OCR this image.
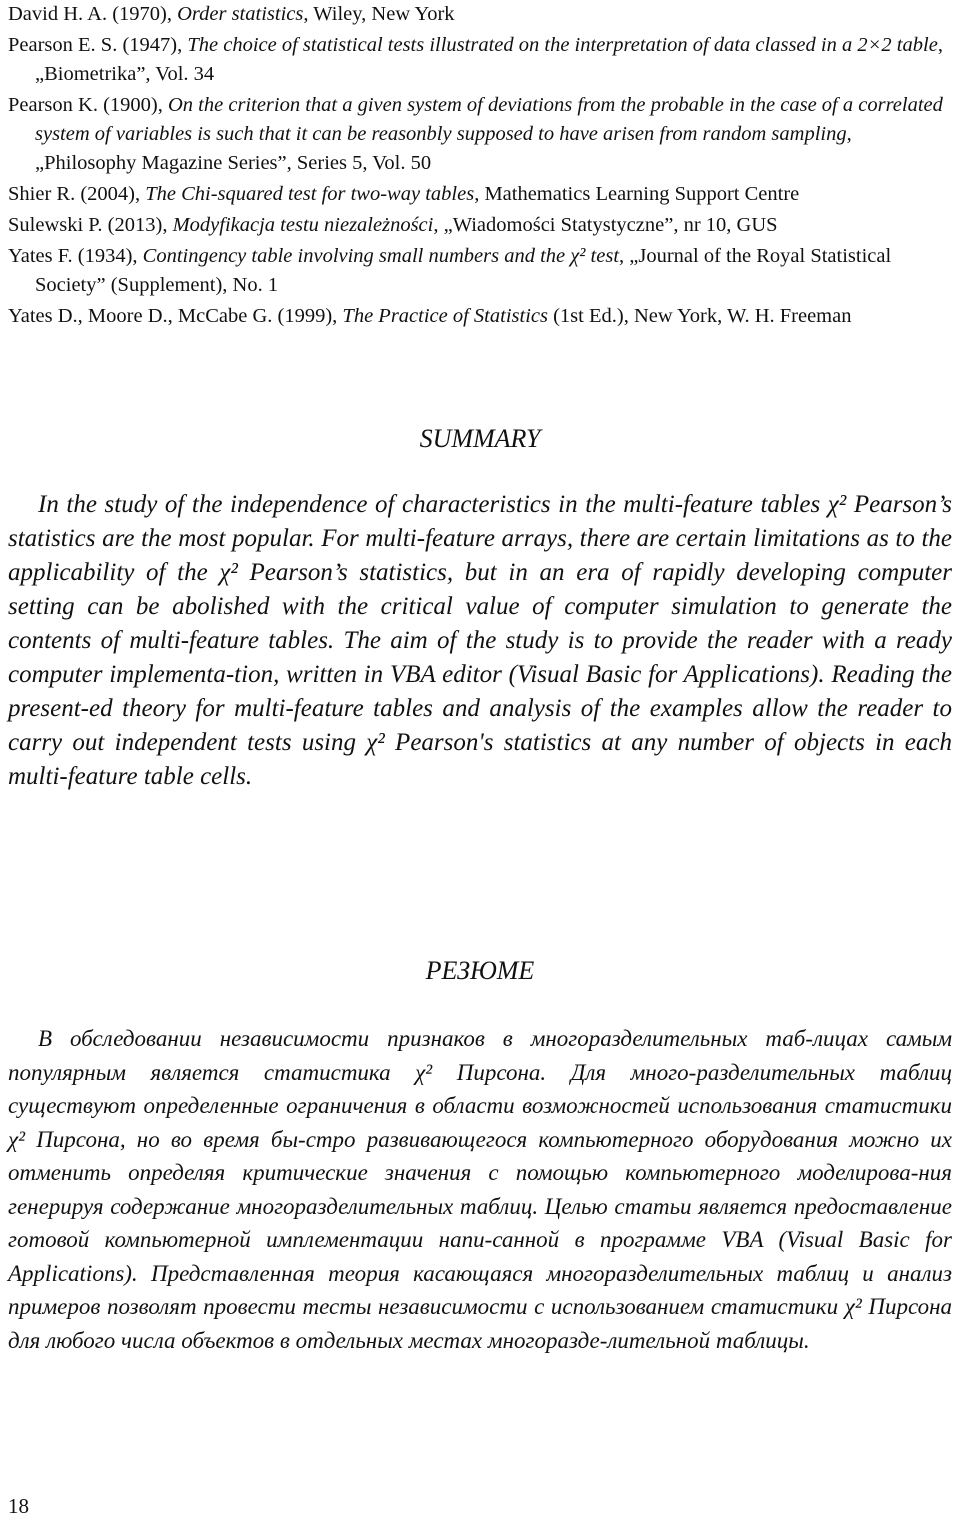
David H. A. (1970), Order statistics, Wiley, New York

Pearson E. S. (1947), The choice of statistical tests illustrated on the interpretation of data classed in a 2×2 table, „Biometrika”, Vol. 34

Pearson K. (1900), On the criterion that a given system of deviations from the probable in the case of a correlated system of variables is such that it can be reasonbly supposed to have arisen from random sampling, „Philosophy Magazine Series”, Series 5, Vol. 50

Shier R. (2004), The Chi-squared test for two-way tables, Mathematics Learning Support Centre

Sulewski P. (2013), Modyfikacja testu niezależności, „Wiadomości Statystyczne”, nr 10, GUS

Yates F. (1934), Contingency table involving small numbers and the χ² test, „Journal of the Royal Statistical Society” (Supplement), No. 1

Yates D., Moore D., McCabe G. (1999), The Practice of Statistics (1st Ed.), New York, W. H. Freeman

SUMMARY

In the study of the independence of characteristics in the multi-feature tables χ² Pearson’s statistics are the most popular. For multi-feature arrays, there are certain limitations as to the applicability of the χ² Pearson’s statistics, but in an era of rapidly developing computer setting can be abolished with the critical value of computer simulation to generate the contents of multi-feature tables. The aim of the study is to provide the reader with a ready computer implementa-tion, written in VBA editor (Visual Basic for Applications). Reading the present-ed theory for multi-feature tables and analysis of the examples allow the reader to carry out independent tests using χ² Pearson's statistics at any number of objects in each multi-feature table cells.

РЕЗЮМЕ

В обследовании независимости признаков в многоразделительных таб-лицах самым популярным является статистика χ² Пирсона. Для много-разделительных таблиц существуют определенные ограничения в области возможностей использования статистики χ² Пирсона, но во время бы-стро развивающегося компьютерного оборудования можно их отменить определяя критические значения с помощью компьютерного моделирова-ния генерируя содержание многоразделительных таблиц. Целью статьи является предоставление готовой компьютерной имплементации напи-санной в программе VBA (Visual Basic for Applications). Представленная теория касающаяся многоразделительных таблиц и анализ примеров позволят провести тесты независимости с использованием статистики χ² Пирсона для любого числа объектов в отдельных местах многоразде-лительной таблицы.

18
